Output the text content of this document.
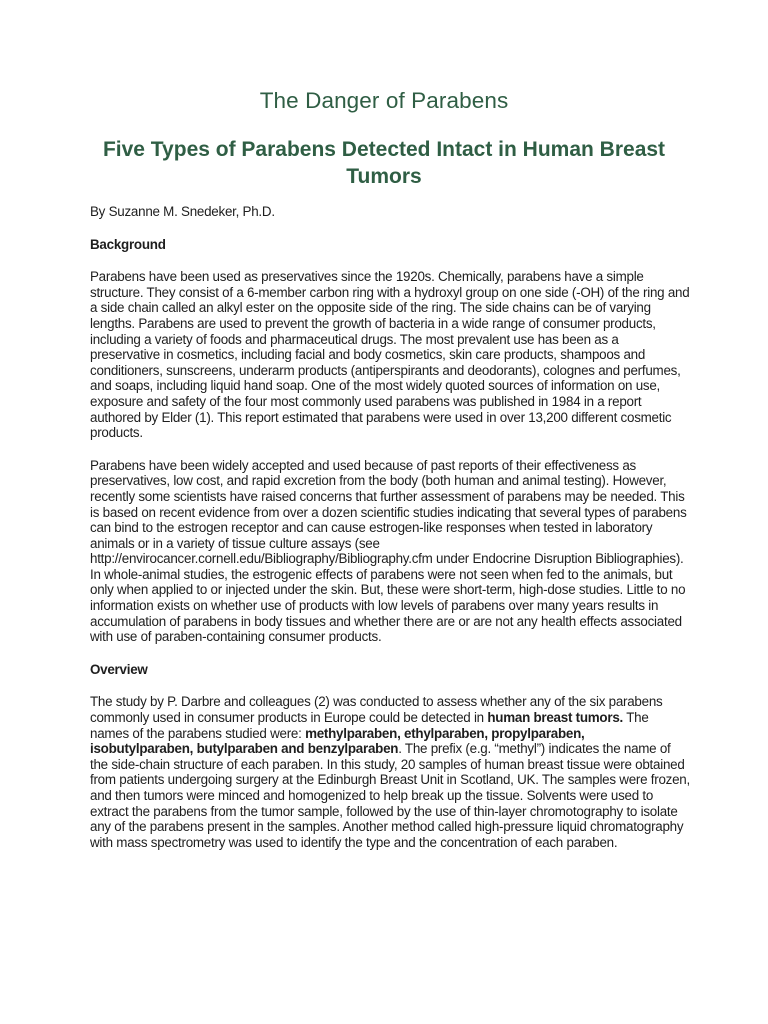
The Danger of Parabens
Five Types of Parabens Detected Intact in Human Breast Tumors

By Suzanne M. Snedeker, Ph.D.

Background

Parabens have been used as preservatives since the 1920s. Chemically, parabens have a simple structure. They consist of a 6-member carbon ring with a hydroxyl group on one side (-OH) of the ring and a side chain called an alkyl ester on the opposite side of the ring. The side chains can be of varying lengths. Parabens are used to prevent the growth of bacteria in a wide range of consumer products, including a variety of foods and pharmaceutical drugs. The most prevalent use has been as a preservative in cosmetics, including facial and body cosmetics, skin care products, shampoos and conditioners, sunscreens, underarm products (antiperspirants and deodorants), colognes and perfumes, and soaps, including liquid hand soap. One of the most widely quoted sources of information on use, exposure and safety of the four most commonly used parabens was published in 1984 in a report authored by Elder (1). This report estimated that parabens were used in over 13,200 different cosmetic products.

Parabens have been widely accepted and used because of past reports of their effectiveness as preservatives, low cost, and rapid excretion from the body (both human and animal testing). However, recently some scientists have raised concerns that further assessment of parabens may be needed. This is based on recent evidence from over a dozen scientific studies indicating that several types of parabens can bind to the estrogen receptor and can cause estrogen-like responses when tested in laboratory animals or in a variety of tissue culture assays (see http://envirocancer.cornell.edu/Bibliography/Bibliography.cfm under Endocrine Disruption Bibliographies). In whole-animal studies, the estrogenic effects of parabens were not seen when fed to the animals, but only when applied to or injected under the skin. But, these were short-term, high-dose studies. Little to no information exists on whether use of products with low levels of parabens over many years results in accumulation of parabens in body tissues and whether there are or are not any health effects associated with use of paraben-containing consumer products.

Overview

The study by P. Darbre and colleagues (2) was conducted to assess whether any of the six parabens commonly used in consumer products in Europe could be detected in human breast tumors. The names of the parabens studied were: methylparaben, ethylparaben, propylparaben, isobutylparaben, butylparaben and benzylparaben. The prefix (e.g. “methyl”) indicates the name of the side-chain structure of each paraben. In this study, 20 samples of human breast tissue were obtained from patients undergoing surgery at the Edinburgh Breast Unit in Scotland, UK. The samples were frozen, and then tumors were minced and homogenized to help break up the tissue. Solvents were used to extract the parabens from the tumor sample, followed by the use of thin-layer chromotography to isolate any of the parabens present in the samples. Another method called high-pressure liquid chromatography with mass spectrometry was used to identify the type and the concentration of each paraben.
